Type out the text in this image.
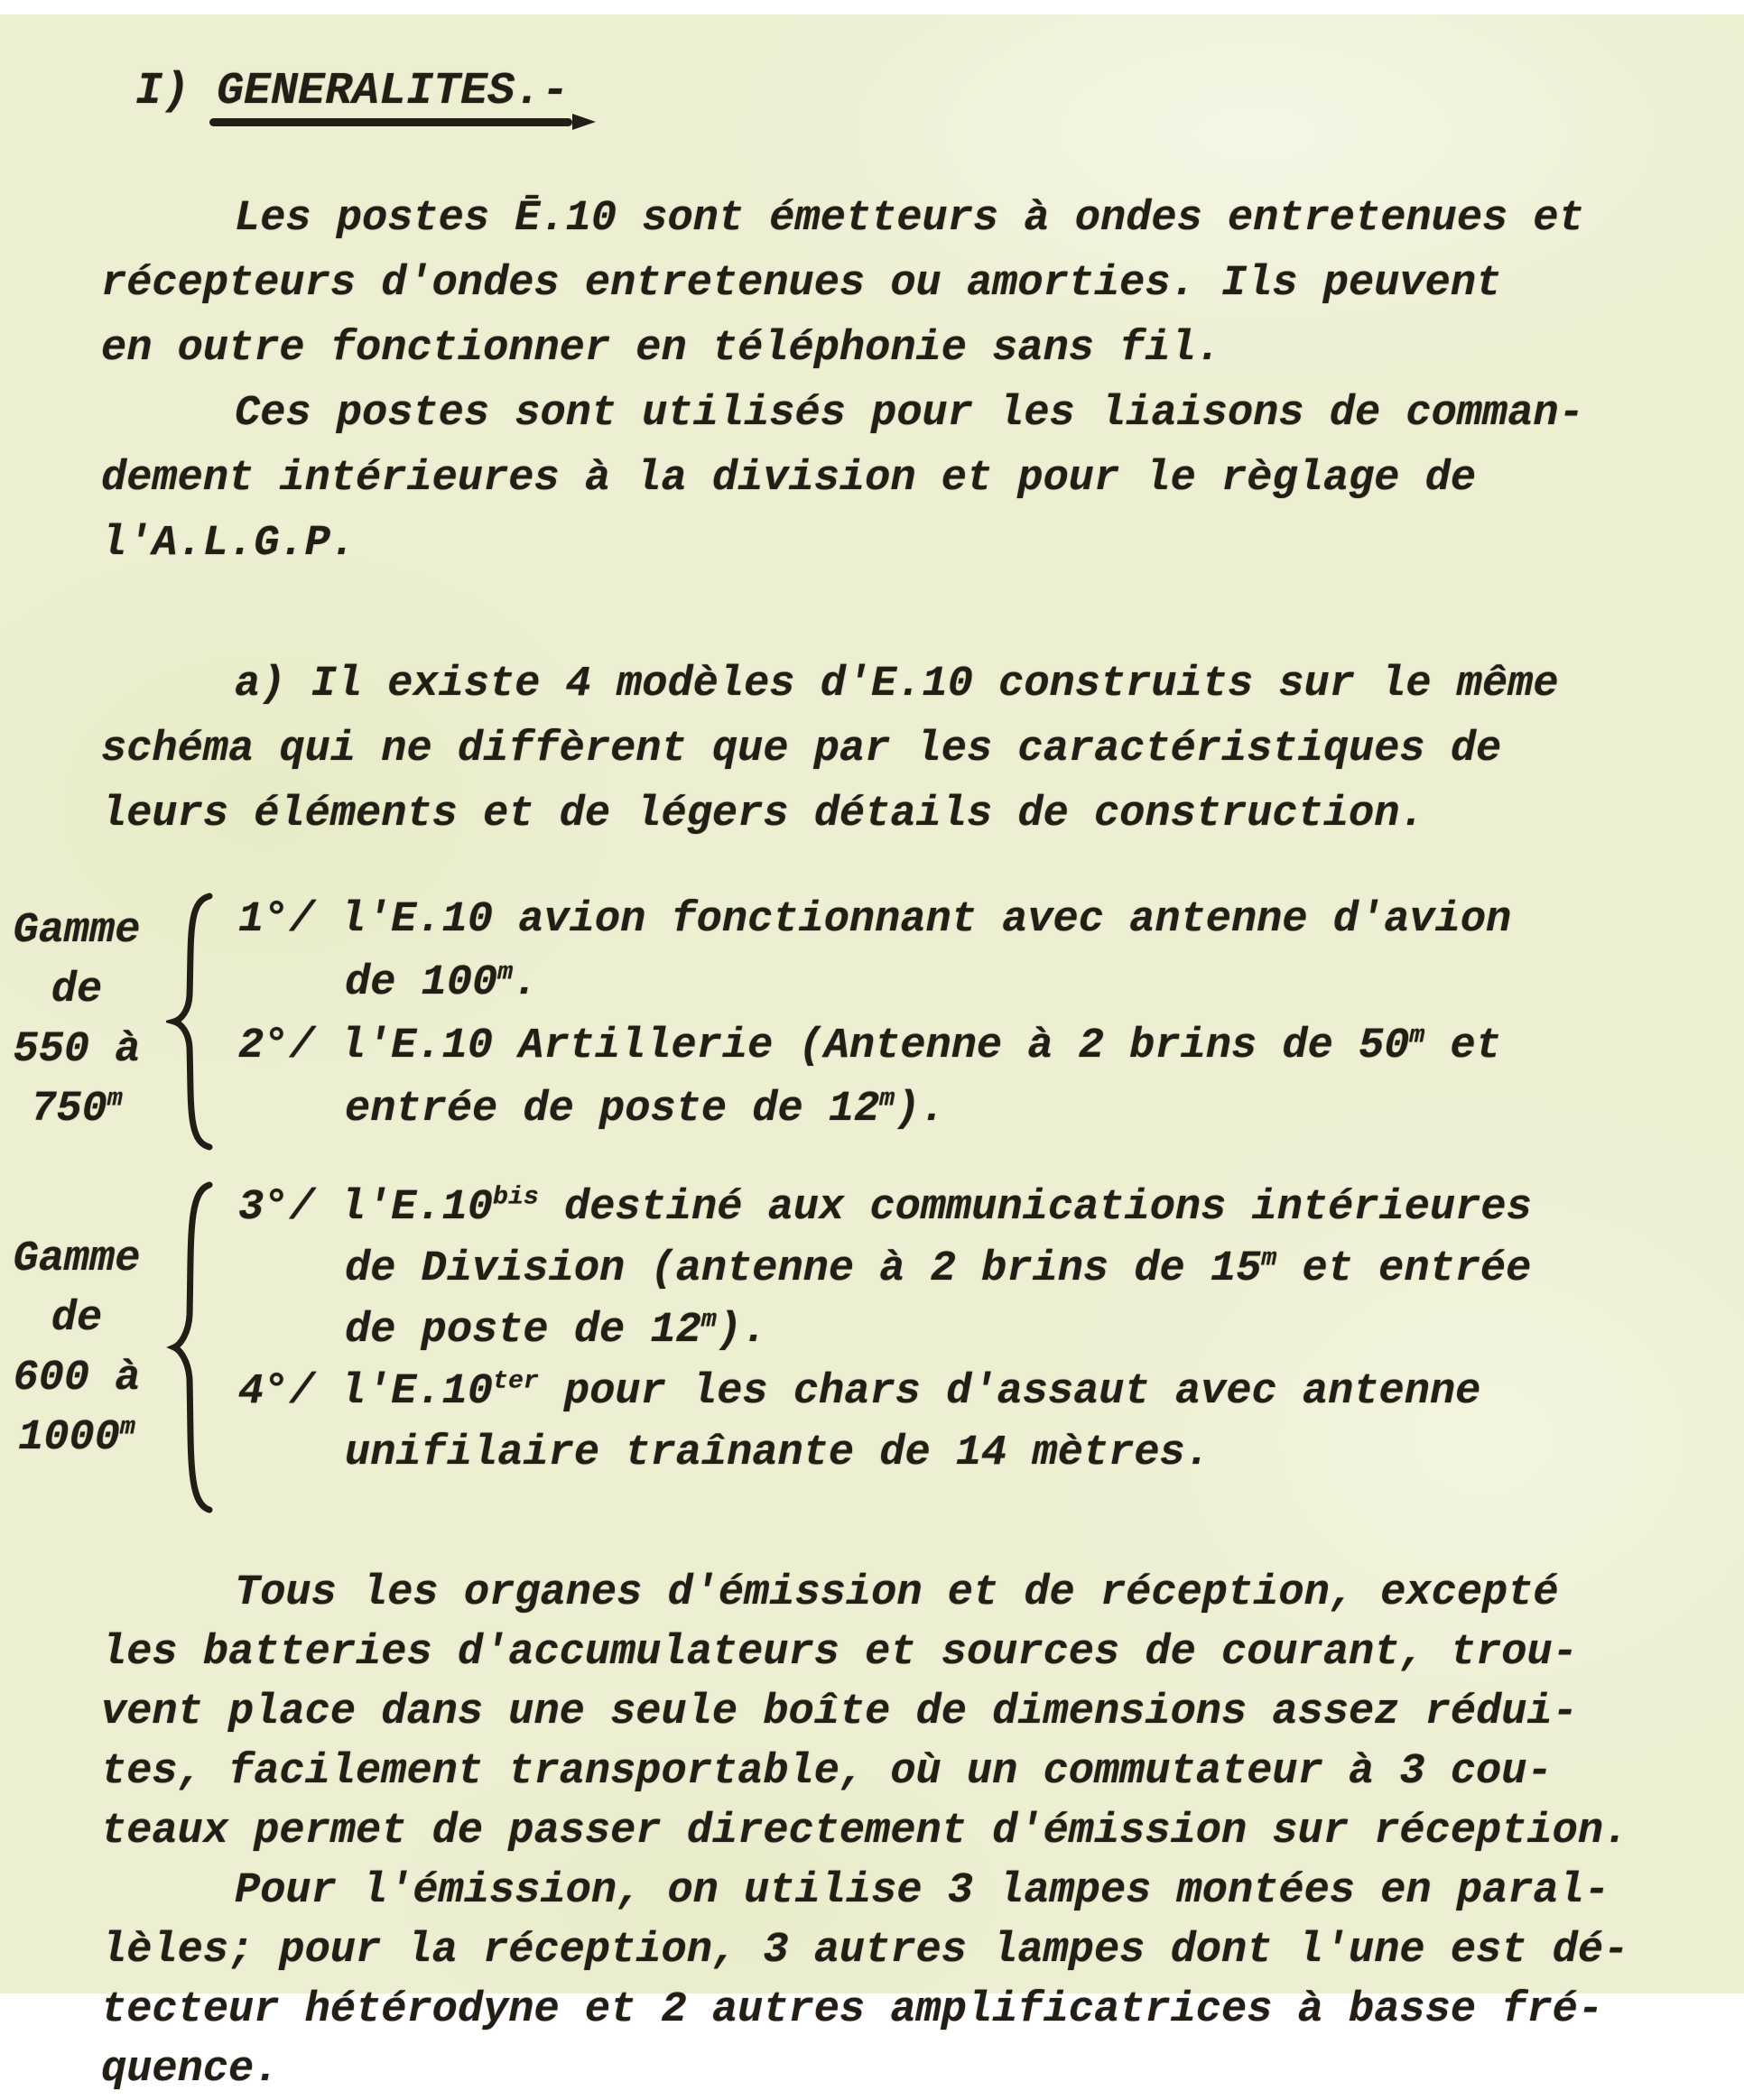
I) GENERALITES.-

Les postes Ē.10 sont émetteurs à ondes entretenues et
récepteurs d'ondes entretenues ou amorties. Ils peuvent
en outre fonctionner en téléphonie sans fil.
Ces postes sont utilisés pour les liaisons de comman-
dement intérieures à la division et pour le règlage de
l'A.L.G.P.
a) Il existe 4 modèles d'E.10 construits sur le même
schéma qui ne diffèrent que par les caractéristiques de
leurs éléments et de légers détails de construction.
Gamme
de
550 à
750$^m$
1°/ l'E.10 avion fonctionnant avec antenne d'avion
de 100$^m$.
2°/ l'E.10 Artillerie (Antenne à 2 brins de 50$^m$ et
entrée de poste de 12$^m$).
Gamme
de
600 à
1000$^m$
3°/ $l'E.10^{bis}$ destiné aux communications intérieures
de Division (antenne à 2 brins de 15$^m$ et entrée
de poste de 12$^m$).
4°/ $l'E.10^{ter}$ pour les chars d'assaut avec antenne
unifilaire traînante de 14 mètres.
Tous les organes d'émission et de réception, excepté
les batteries d'accumulateurs et sources de courant, trou-
vent place dans une seule boîte de dimensions assez rédui-
tes, facilement transportable, où un commutateur à 3 cou-
teaux permet de passer directement d'émission sur réception.
Pour l'émission, on utilise 3 lampes montées en paral-
lèles; pour la réception, 3 autres lampes dont l'une est dé-
tecteur hétérodyne et 2 autres amplificatrices à basse fré-
quence.
